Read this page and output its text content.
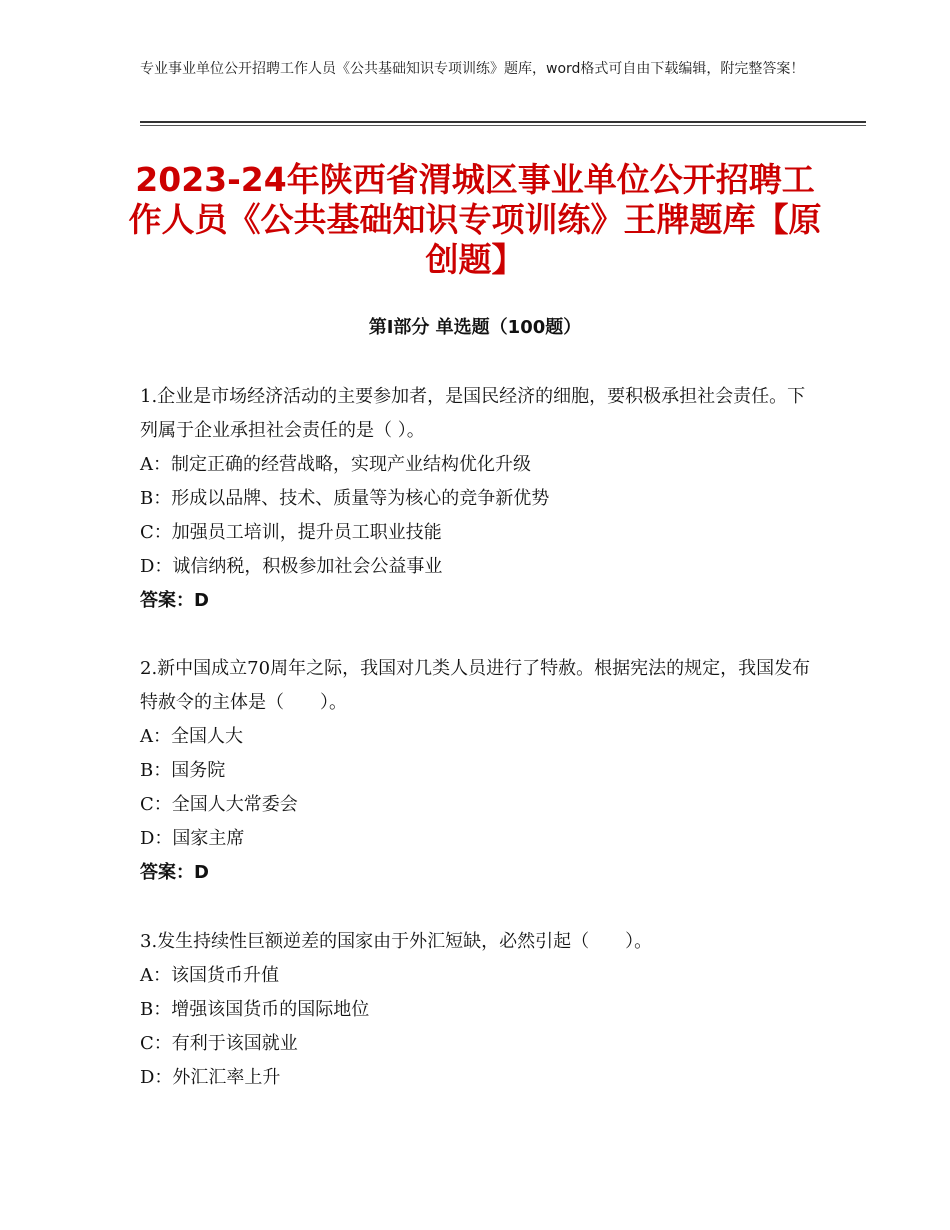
专业事业单位公开招聘工作人员《公共基础知识专项训练》题库，word格式可自由下载编辑，附完整答案！
2023-24年陕西省渭城区事业单位公开招聘工作人员《公共基础知识专项训练》王牌题库【原创题】
第Ⅰ部分 单选题（100题）

1.企业是市场经济活动的主要参加者，是国民经济的细胞，要积极承担社会责任。下列属于企业承担社会责任的是（ ）。

A：制定正确的经营战略，实现产业结构优化升级

B：形成以品牌、技术、质量等为核心的竞争新优势

C：加强员工培训，提升员工职业技能

D：诚信纳税，积极参加社会公益事业

答案：D

2.新中国成立70周年之际，我国对几类人员进行了特赦。根据宪法的规定，我国发布特赦令的主体是（　　）。

A：全国人大

B：国务院

C：全国人大常委会

D：国家主席

答案：D

3.发生持续性巨额逆差的国家由于外汇短缺，必然引起（　　）。

A：该国货币升值

B：增强该国货币的国际地位

C：有利于该国就业

D：外汇汇率上升
